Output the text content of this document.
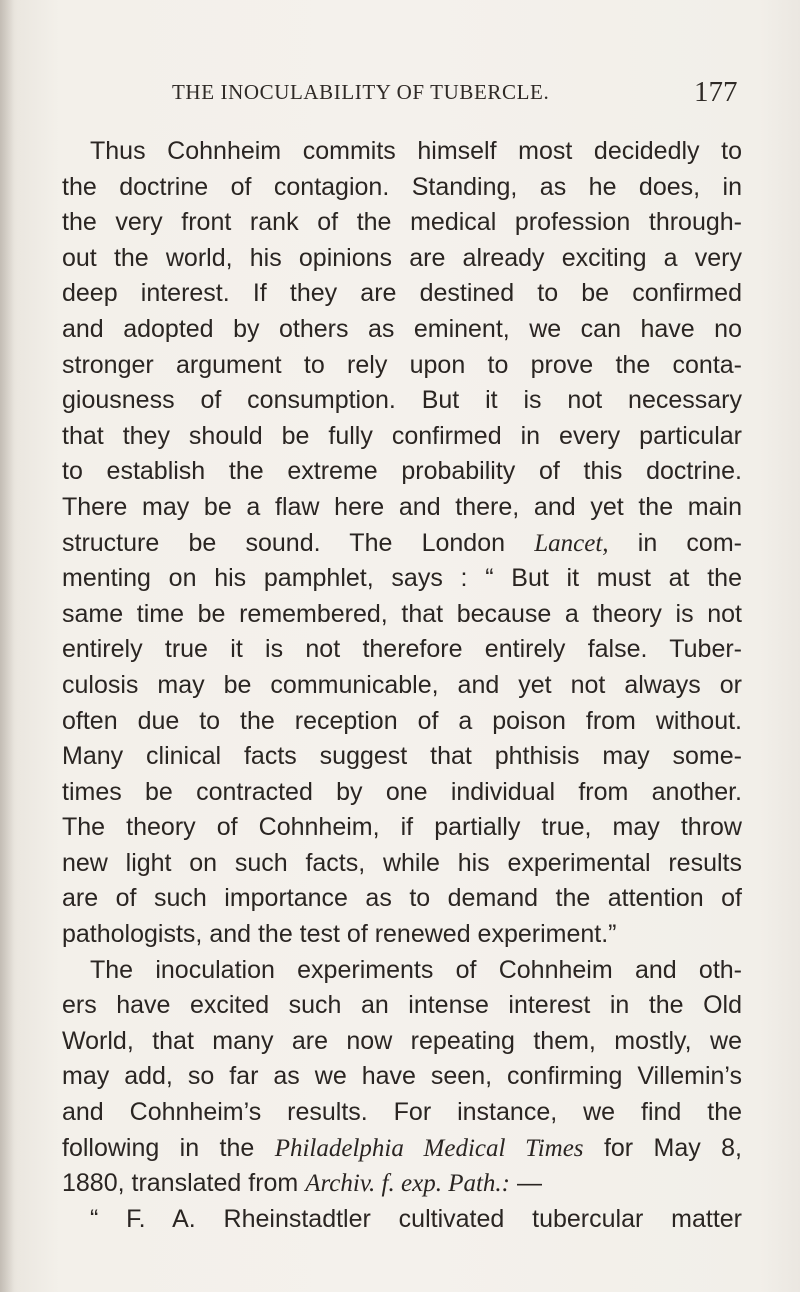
THE INOCULABILITY OF TUBERCLE.	177
Thus Cohnheim commits himself most decidedly to
the doctrine of contagion. Standing, as he does, in
the very front rank of the medical profession through-
out the world, his opinions are already exciting a very
deep interest. If they are destined to be confirmed
and adopted by others as eminent, we can have no
stronger argument to rely upon to prove the conta-
giousness of consumption. But it is not necessary
that they should be fully confirmed in every particular
to establish the extreme probability of this doctrine.
There may be a flaw here and there, and yet the main
structure be sound. The London Lancet, in com-
menting on his pamphlet, says : “ But it must at the
same time be remembered, that because a theory is not
entirely true it is not therefore entirely false. Tuber-
culosis may be communicable, and yet not always or
often due to the reception of a poison from without.
Many clinical facts suggest that phthisis may some-
times be contracted by one individual from another.
The theory of Cohnheim, if partially true, may throw
new light on such facts, while his experimental results
are of such importance as to demand the attention of
pathologists, and the test of renewed experiment.”
The inoculation experiments of Cohnheim and oth-
ers have excited such an intense interest in the Old
World, that many are now repeating them, mostly, we
may add, so far as we have seen, confirming Villemin’s
and Cohnheim’s results. For instance, we find the
following in the Philadelphia Medical Times for May 8,
1880, translated from Archiv. f. exp. Path.: —
“ F. A. Rheinstadtler cultivated tubercular matter
